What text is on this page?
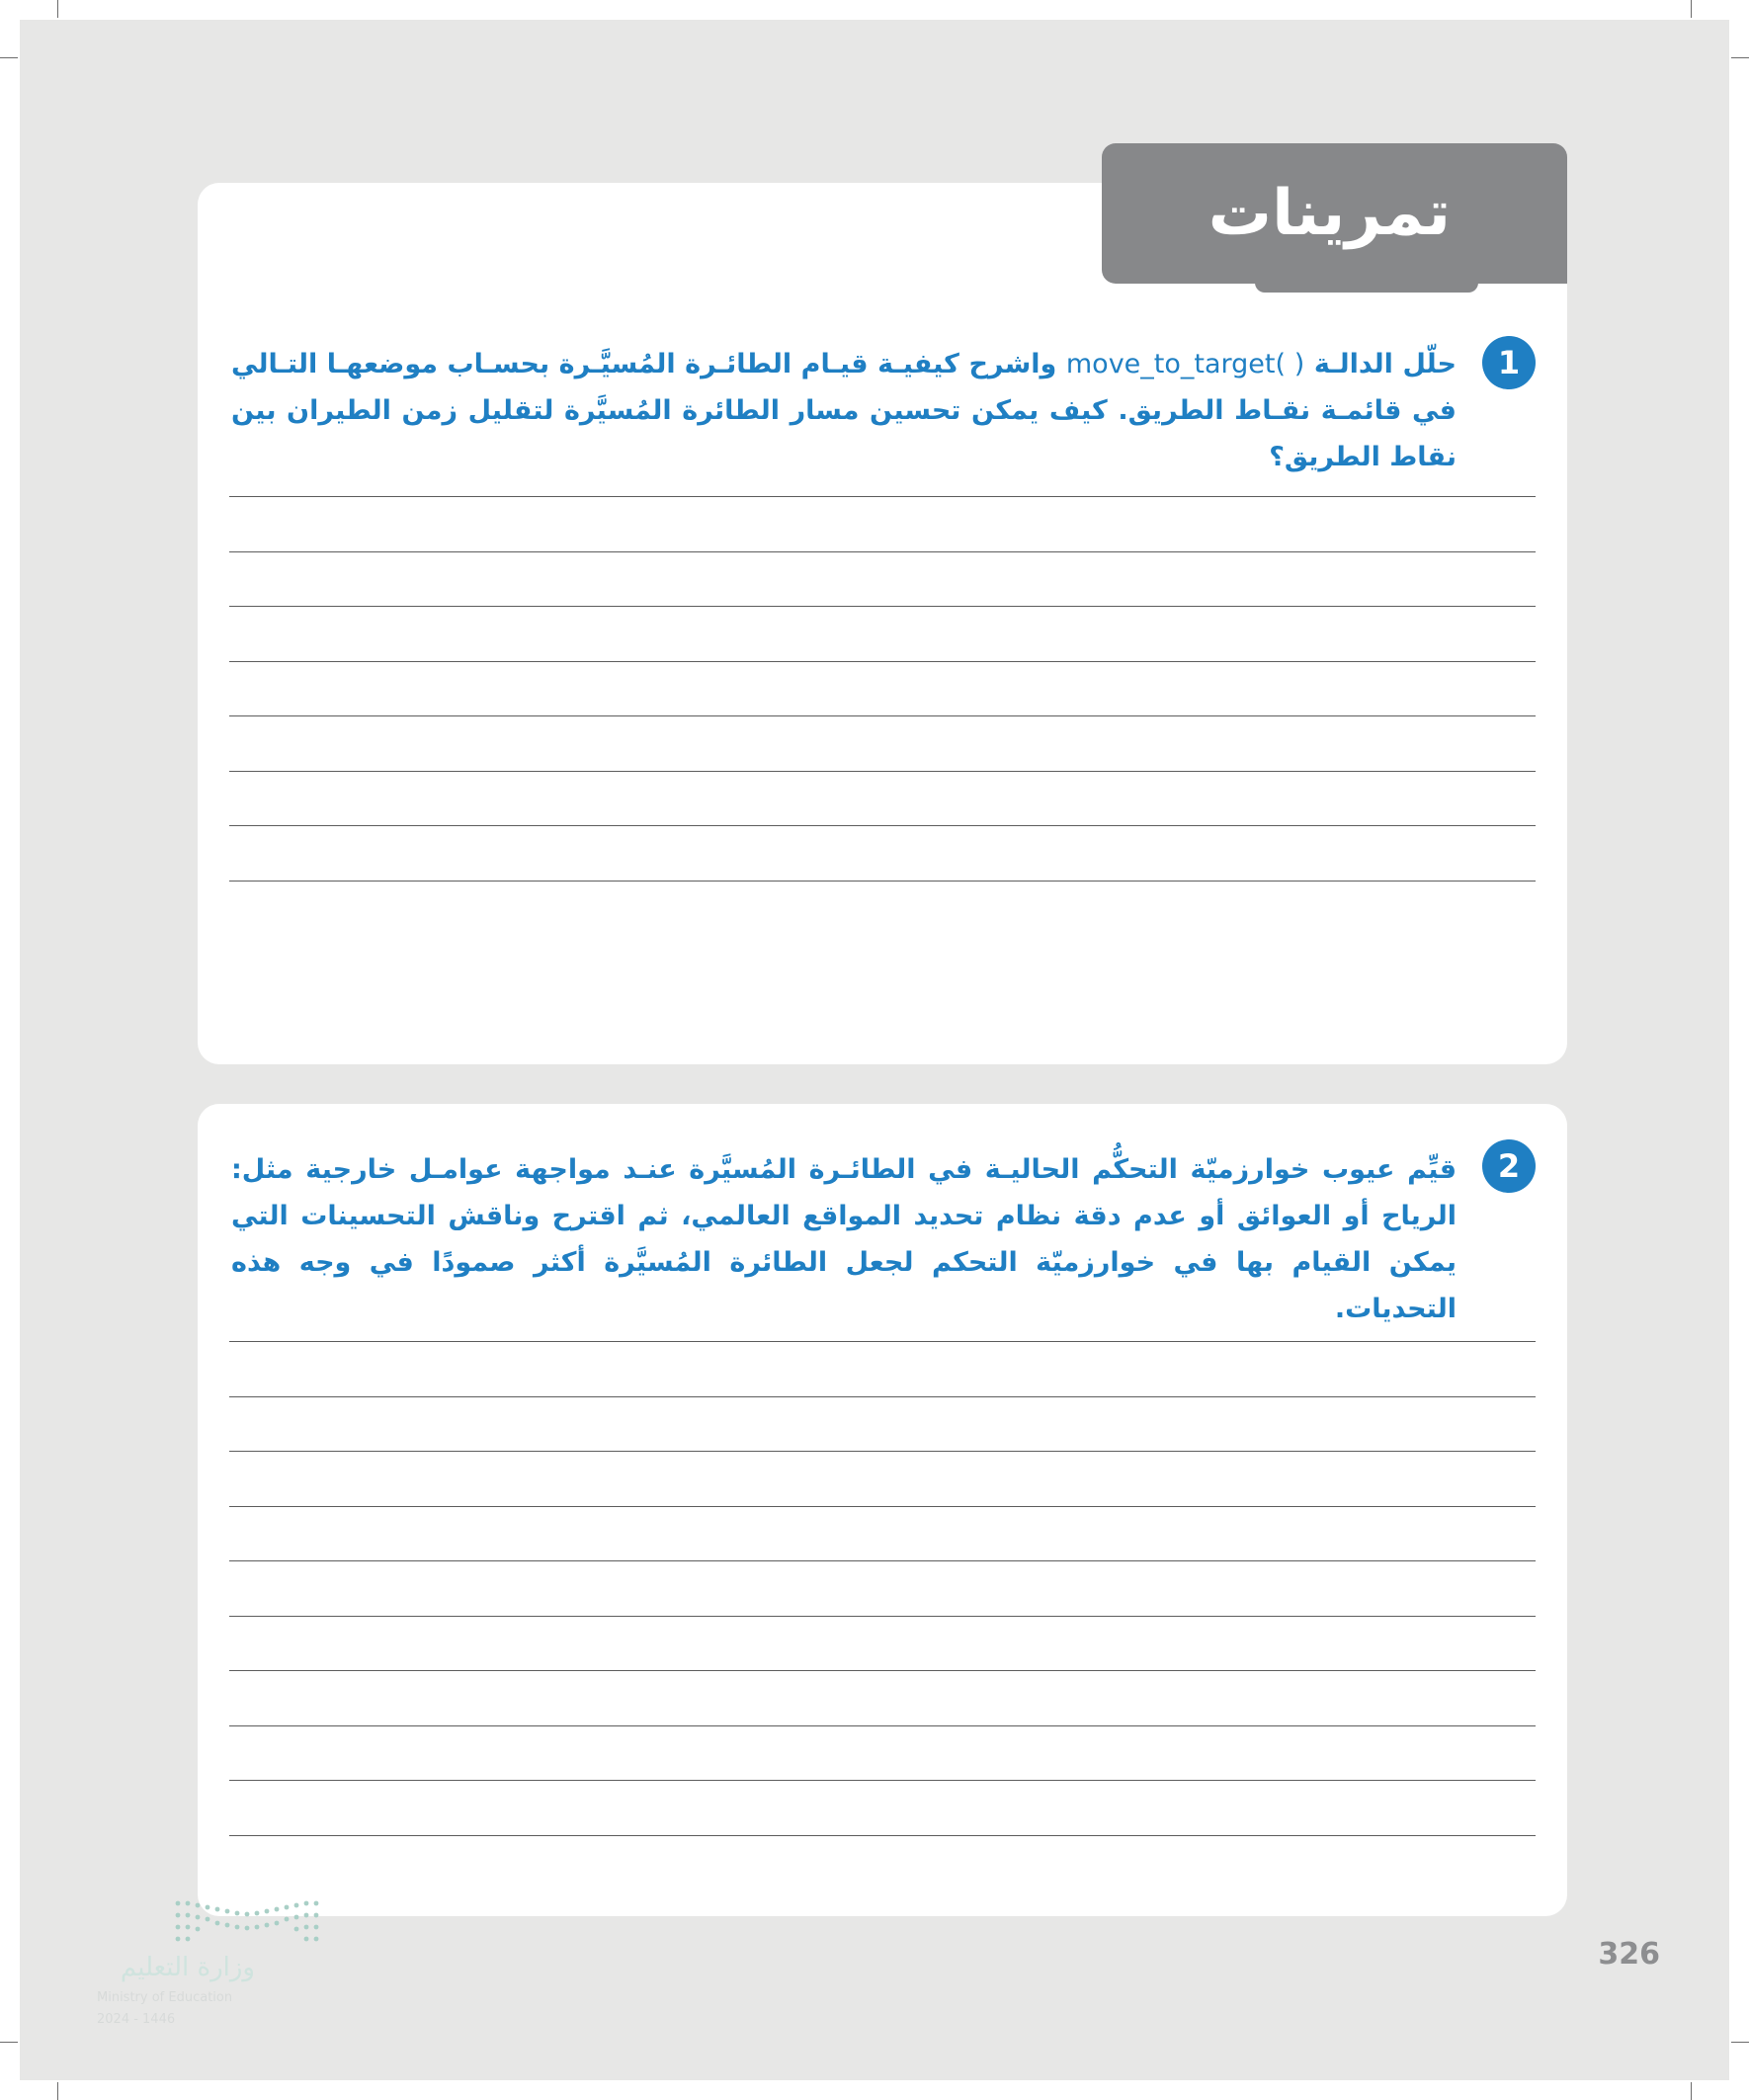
تمرينات
1
حلّل الدالـة move_to_target( ) واشرح كيفيـة قيـام الطائـرة المُسيَّـرة بحسـاب موضعهـا التـالي في قائمـة نقـاط الطريق. كيف يمكن تحسين مسار الطائرة المُسيَّرة لتقليل زمن الطيران بين نقاط الطريق؟
2
قيِّم عيوب خوارزميّة التحكُّم الحاليـة في الطائـرة المُسيَّرة عنـد مواجهة عوامـل خارجية مثل: الرياح أو العوائق أو عدم دقة نظام تحديد المواقع العالمي، ثم اقترح وناقش التحسينات التي يمكن القيام بها في خوارزميّة التحكم لجعل الطائرة المُسيَّرة أكثر صمودًا في وجه هذه التحديات.
326
وزارة التعليم
Ministry of Education
2024 - 1446
